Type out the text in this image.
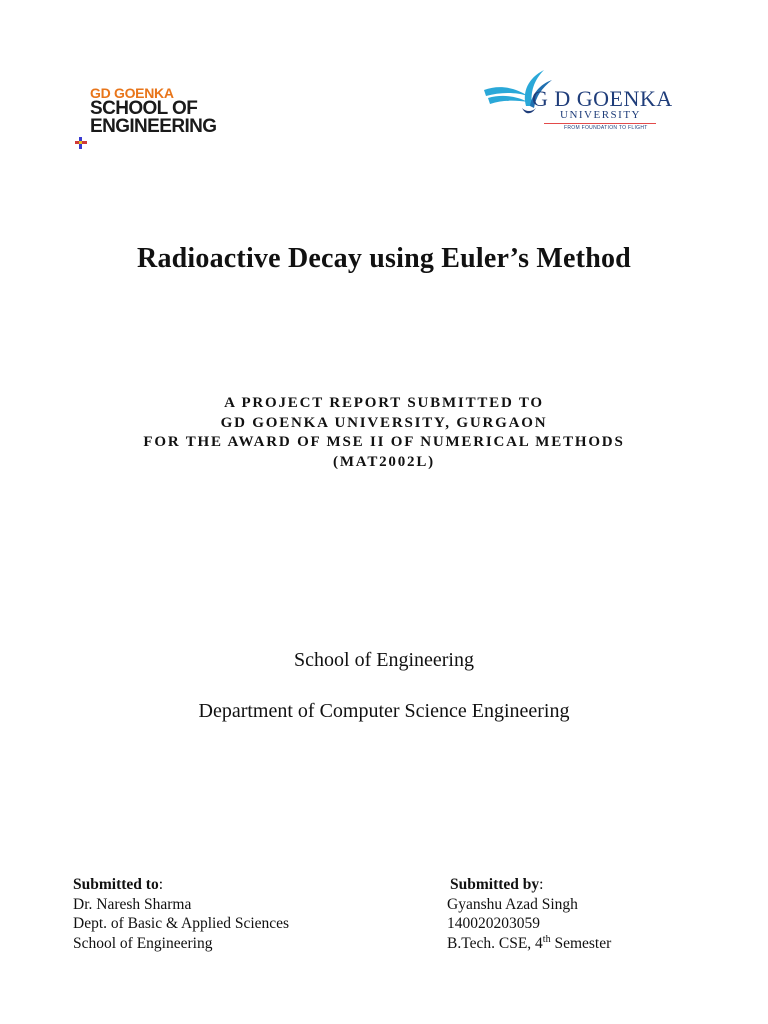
GD GOENKA
SCHOOL OF
ENGINEERING
G D GOENKA
UNIVERSITY
FROM FOUNDATION TO FLIGHT
Radioactive Decay using Euler’s Method
A PROJECT REPORT SUBMITTED TO
GD GOENKA UNIVERSITY, GURGAON
FOR THE AWARD OF MSE II OF NUMERICAL METHODS
(MAT2002L)
School of Engineering
Department of Computer Science Engineering
Submitted to:
Dr. Naresh Sharma
Dept. of Basic & Applied Sciences
School of Engineering
Submitted by:
Gyanshu Azad Singh
140020203059
B.Tech. CSE, 4th Semester
